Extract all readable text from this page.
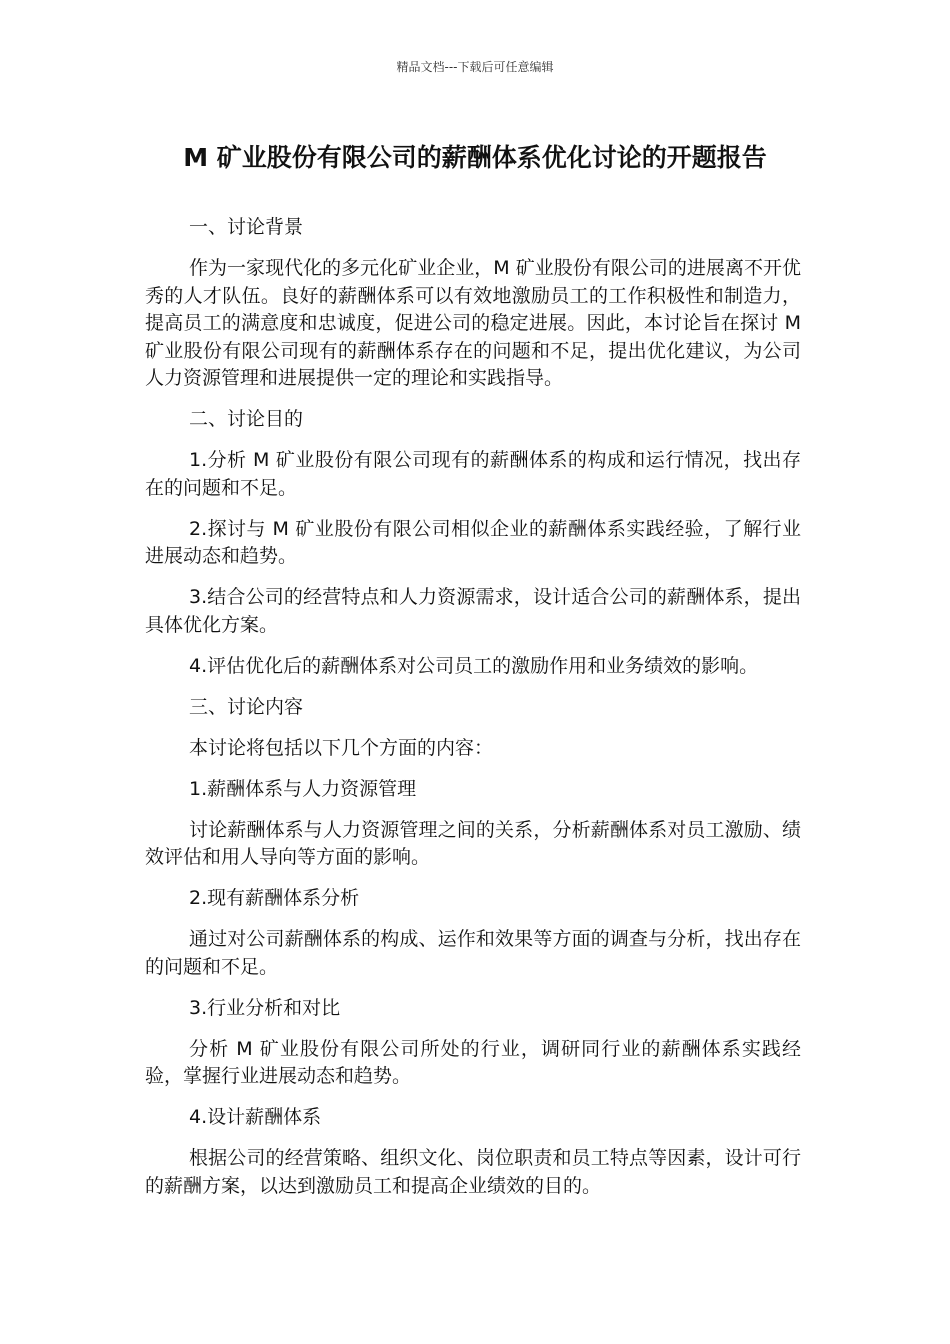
精品文档---下载后可任意编辑
M 矿业股份有限公司的薪酬体系优化讨论的开题报告

一、讨论背景

作为一家现代化的多元化矿业企业，M 矿业股份有限公司的进展离不开优秀的人才队伍。良好的薪酬体系可以有效地激励员工的工作积极性和制造力，提高员工的满意度和忠诚度，促进公司的稳定进展。因此，本讨论旨在探讨 M 矿业股份有限公司现有的薪酬体系存在的问题和不足，提出优化建议，为公司人力资源管理和进展提供一定的理论和实践指导。

二、讨论目的

1.分析 M 矿业股份有限公司现有的薪酬体系的构成和运行情况，找出存在的问题和不足。

2.探讨与 M 矿业股份有限公司相似企业的薪酬体系实践经验，了解行业进展动态和趋势。

3.结合公司的经营特点和人力资源需求，设计适合公司的薪酬体系，提出具体优化方案。

4.评估优化后的薪酬体系对公司员工的激励作用和业务绩效的影响。

三、讨论内容

本讨论将包括以下几个方面的内容：

1.薪酬体系与人力资源管理

讨论薪酬体系与人力资源管理之间的关系，分析薪酬体系对员工激励、绩效评估和用人导向等方面的影响。

2.现有薪酬体系分析

通过对公司薪酬体系的构成、运作和效果等方面的调查与分析，找出存在的问题和不足。

3.行业分析和对比

分析 M 矿业股份有限公司所处的行业，调研同行业的薪酬体系实践经验，掌握行业进展动态和趋势。

4.设计薪酬体系

根据公司的经营策略、组织文化、岗位职责和员工特点等因素，设计可行的薪酬方案，以达到激励员工和提高企业绩效的目的。
